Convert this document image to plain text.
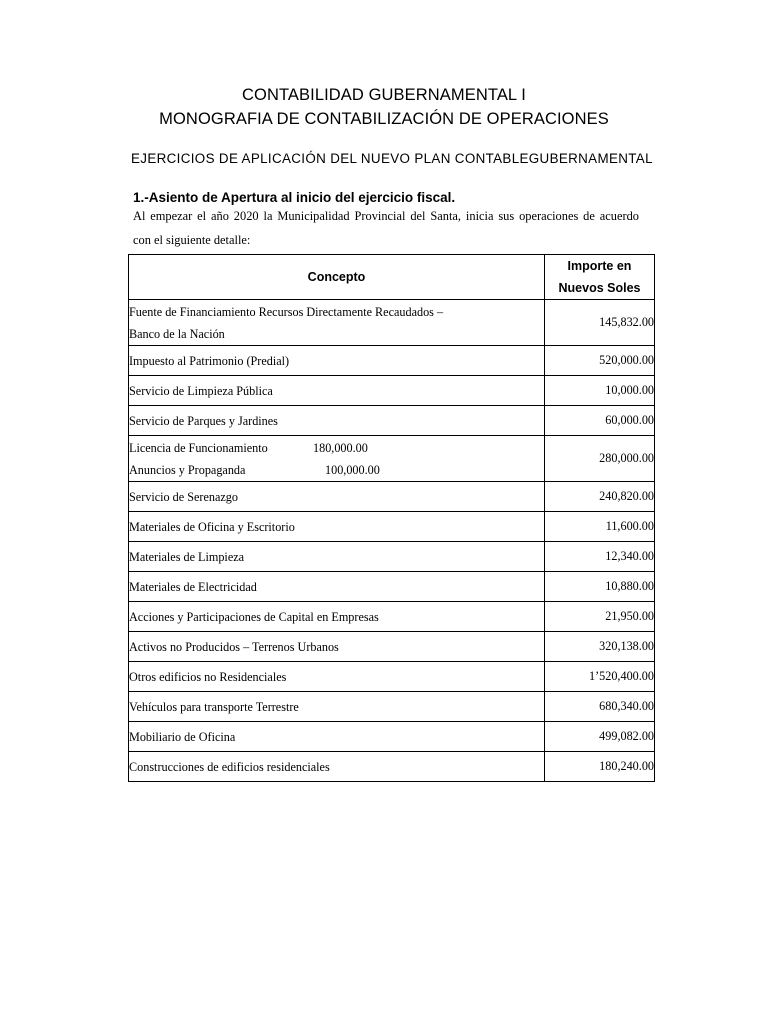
CONTABILIDAD GUBERNAMENTAL I
MONOGRAFIA DE CONTABILIZACIÓN DE OPERACIONES
EJERCICIOS DE APLICACIÓN DEL NUEVO PLAN CONTABLEGUBERNAMENTAL
1.-Asiento de Apertura al inicio del ejercicio fiscal.
Al empezar el año 2020 la Municipalidad Provincial del Santa, inicia sus operaciones de acuerdo
con el siguiente detalle:
Concepto	Importe en
Nuevos Soles

Fuente de Financiamiento Recursos Directamente Recaudados –
Banco de la Nación	145,832.00
Impuesto al Patrimonio (Predial)	520,000.00
Servicio de Limpieza Pública	10,000.00
Servicio de Parques y Jardines	60,000.00

Licencia de Funcionamiento 180,000.00
Anuncios y Propaganda 100,000.00	280,000.00
Servicio de Serenazgo	240,820.00
Materiales de Oficina y Escritorio	11,600.00
Materiales de Limpieza	12,340.00
Materiales de Electricidad	10,880.00
Acciones y Participaciones de Capital en Empresas	21,950.00
Activos no Producidos – Terrenos Urbanos	320,138.00
Otros edificios no Residenciales	1’520,400.00
Vehículos para transporte Terrestre	680,340.00
Mobiliario de Oficina	499,082.00
Construcciones de edificios residenciales	180,240.00
